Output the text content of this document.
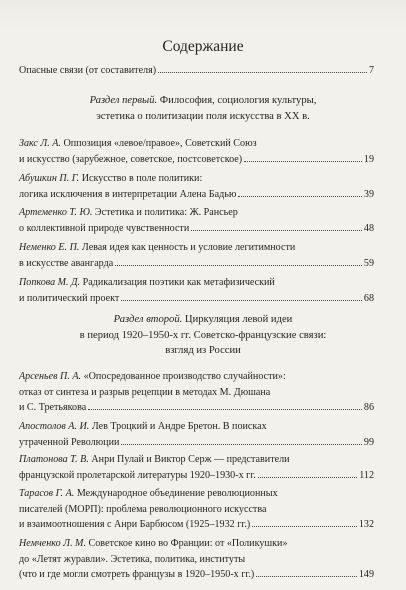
Содержание
Опасные связи (от составителя)	7
Раздел первый. Философия, социология культуры,
эстетика о политизации поля искусства в XX в.
Закс Л. А. Оппозиция «левое/правое», Советский Союз
и искусство (зарубежное, советское, постсоветское)	19
Абушкин П. Г. Искусство в поле политики:
логика исключения в интерпретации Алена Бадью	39
Артеменко Т. Ю. Эстетика и политика: Ж. Рансьер
о коллективной природе чувственности	48
Неменко Е. П. Левая идея как ценность и условие легитимности
в искусстве авангарда	59
Попкова М. Д. Радикализация поэтики как метафизический
и политический проект	68
Раздел второй. Циркуляция левой идеи
в период 1920–1950-х гг. Советско-французские связи:
взгляд из России
Арсеньев П. А. «Опосредованное производство случайности»:
отказ от синтеза и разрыв рецепции в методах М. Дюшана
и С. Третьякова	86
Апостолов А. И. Лев Троцкий и Андре Бретон. В поисках
утраченной Революции	99
Платонова Т. В. Анри Пулай и Виктор Серж — представители
французской пролетарской литературы 1920–1930-х гг.	112
Тарасов Г. А. Международное объединение революционных
писателей (МОРП): проблема революционного искусства
и взаимоотношения с Анри Барбюсом (1925–1932 гг.)	132
Немченко Л. М. Советское кино во Франции: от «Поликушки»
до «Летят журавли». Эстетика, политика, институты
(что и где могли смотреть французы в 1920–1950-х гг.)	149
